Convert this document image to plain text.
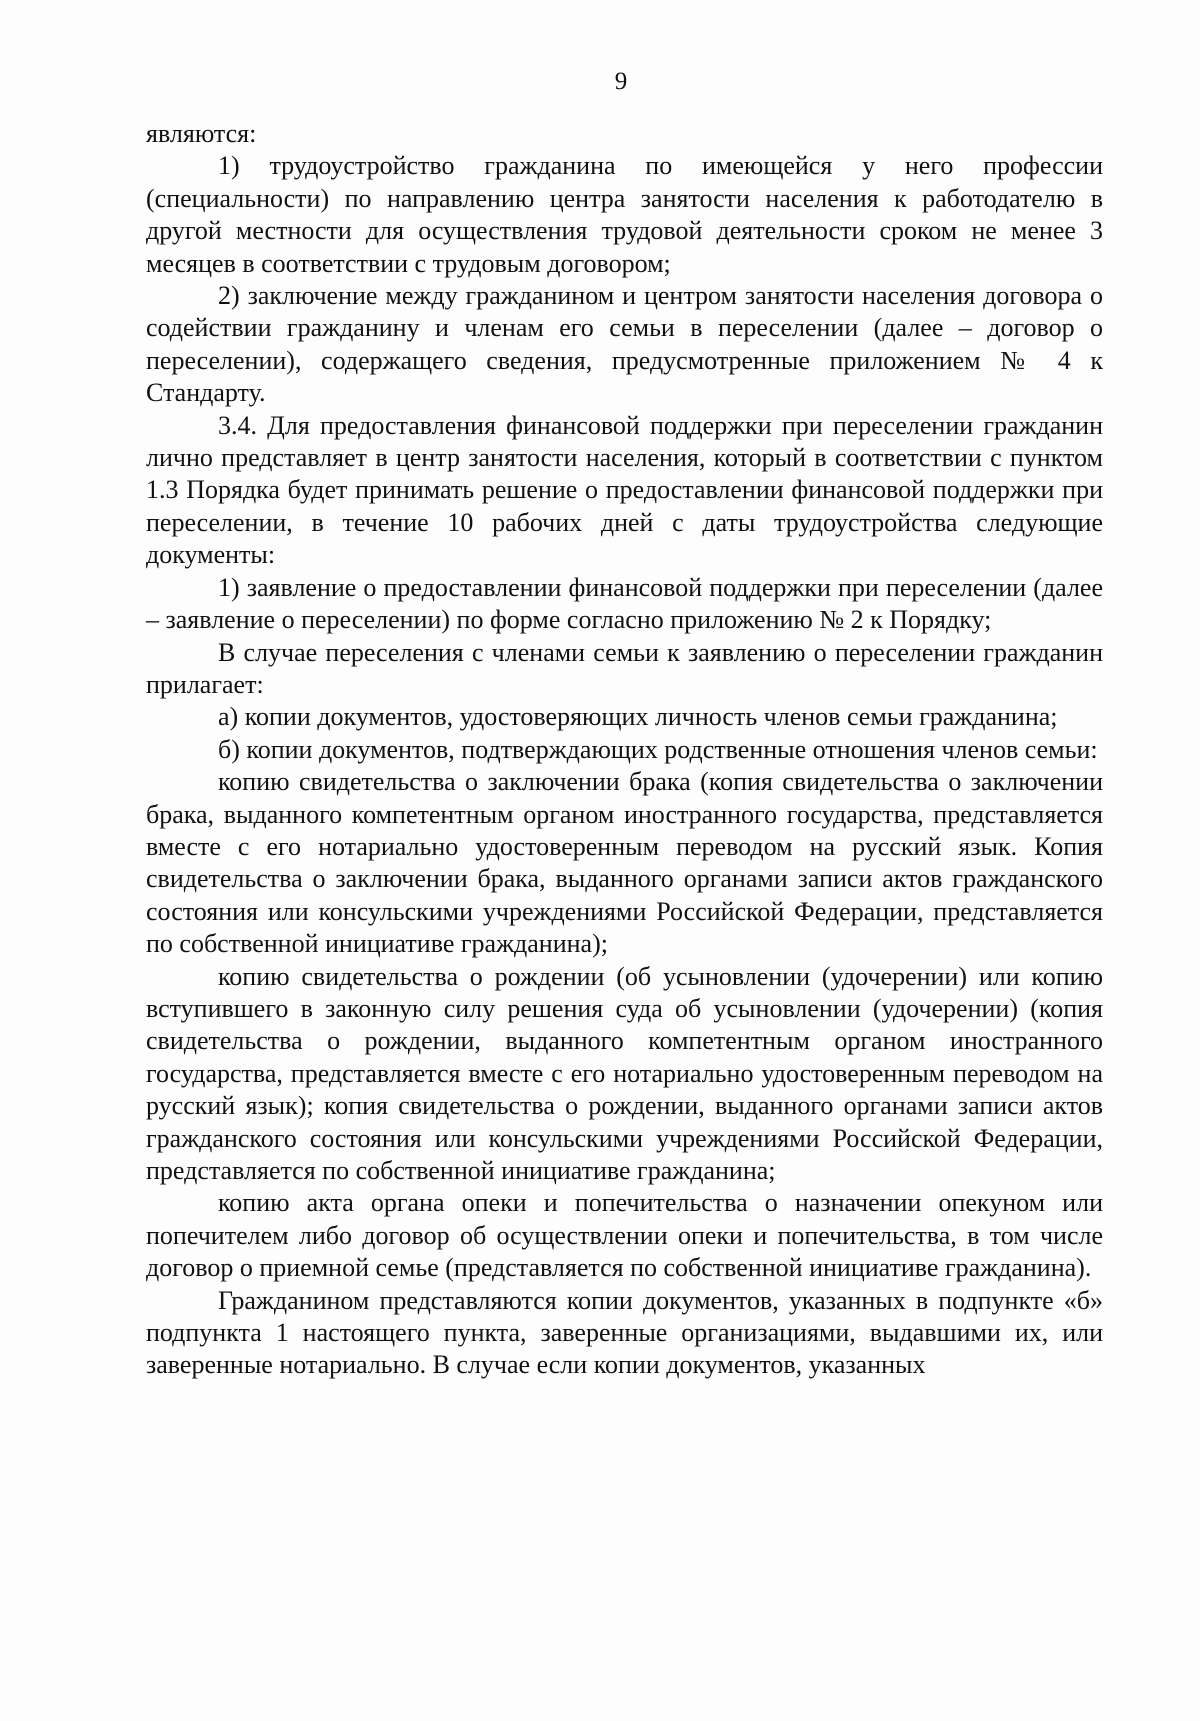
9

являются:

1) трудоустройство гражданина по имеющейся у него профессии (специальности) по направлению центра занятости населения к работодателю в другой местности для осуществления трудовой деятельности сроком не менее 3 месяцев в соответствии с трудовым договором;

2) заключение между гражданином и центром занятости населения договора о содействии гражданину и членам его семьи в переселении (далее – договор о переселении), содержащего сведения, предусмотренные приложением № 4 к Стандарту.

3.4. Для предоставления финансовой поддержки при переселении гражданин лично представляет в центр занятости населения, который в соответствии с пунктом 1.3 Порядка будет принимать решение о предоставлении финансовой поддержки при переселении, в течение 10 рабочих дней с даты трудоустройства следующие документы:

1) заявление о предоставлении финансовой поддержки при переселении (далее – заявление о переселении) по форме согласно приложению № 2 к Порядку;

В случае переселения с членами семьи к заявлению о переселении гражданин прилагает:

а) копии документов, удостоверяющих личность членов семьи гражданина;

б) копии документов, подтверждающих родственные отношения членов семьи:

копию свидетельства о заключении брака (копия свидетельства о заключении брака, выданного компетентным органом иностранного государства, представляется вместе с его нотариально удостоверенным переводом на русский язык. Копия свидетельства о заключении брака, выданного органами записи актов гражданского состояния или консульскими учреждениями Российской Федерации, представляется по собственной инициативе гражданина);

копию свидетельства о рождении (об усыновлении (удочерении) или копию вступившего в законную силу решения суда об усыновлении (удочерении) (копия свидетельства о рождении, выданного компетентным органом иностранного государства, представляется вместе с его нотариально удостоверенным переводом на русский язык); копия свидетельства о рождении, выданного органами записи актов гражданского состояния или консульскими учреждениями Российской Федерации, представляется по собственной инициативе гражданина;

копию акта органа опеки и попечительства о назначении опекуном или попечителем либо договор об осуществлении опеки и попечительства, в том числе договор о приемной семье (представляется по собственной инициативе гражданина).

Гражданином представляются копии документов, указанных в подпункте «б» подпункта 1 настоящего пункта, заверенные организациями, выдавшими их, или заверенные нотариально. В случае если копии документов, указанных
